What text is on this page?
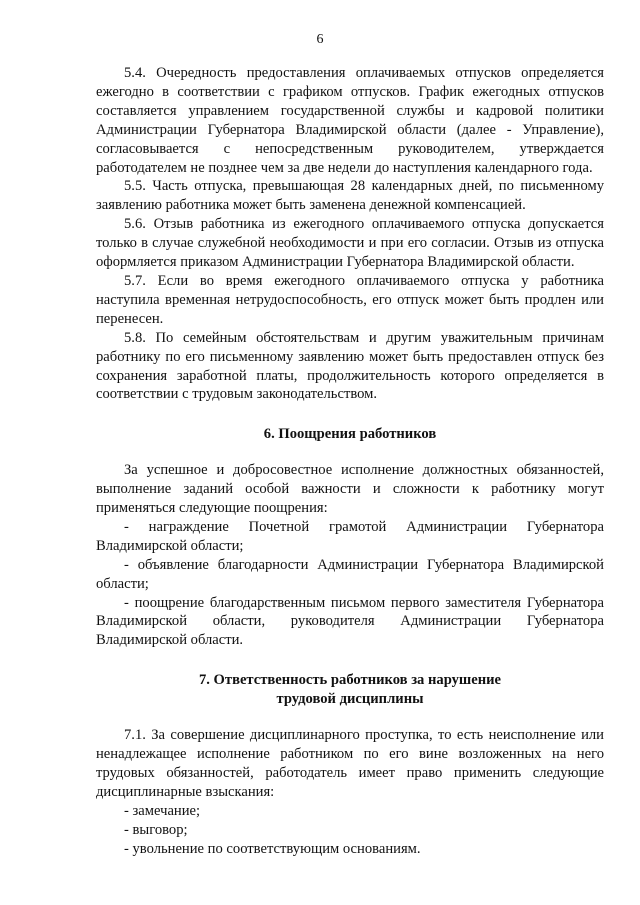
6

5.4. Очередность предоставления оплачиваемых отпусков определяется ежегодно в соответствии с графиком отпусков. График ежегодных отпусков составляется управлением государственной службы и кадровой политики Администрации Губернатора Владимирской области (далее - Управление), согласовывается с непосредственным руководителем, утверждается работодателем не позднее чем за две недели до наступления календарного года.

5.5. Часть отпуска, превышающая 28 календарных дней, по письменному заявлению работника может быть заменена денежной компенсацией.

5.6. Отзыв работника из ежегодного оплачиваемого отпуска допускается только в случае служебной необходимости и при его согласии. Отзыв из отпуска оформляется приказом Администрации Губернатора Владимирской области.

5.7. Если во время ежегодного оплачиваемого отпуска у работника наступила временная нетрудоспособность, его отпуск может быть продлен или перенесен.

5.8. По семейным обстоятельствам и другим уважительным причинам работнику по его письменному заявлению может быть предоставлен отпуск без сохранения заработной платы, продолжительность которого определяется в соответствии с трудовым законодательством.

6. Поощрения работников

За успешное и добросовестное исполнение должностных обязанностей, выполнение заданий особой важности и сложности к работнику могут применяться следующие поощрения:

- награждение Почетной грамотой Администрации Губернатора Владимирской области;

- объявление благодарности Администрации Губернатора Владимирской области;

- поощрение благодарственным письмом первого заместителя Губернатора Владимирской области, руководителя Администрации Губернатора Владимирской области.

7. Ответственность работников за нарушение

трудовой дисциплины

7.1. За совершение дисциплинарного проступка, то есть неисполнение или ненадлежащее исполнение работником по его вине возложенных на него трудовых обязанностей, работодатель имеет право применить следующие дисциплинарные взыскания:

- замечание;

- выговор;

- увольнение по соответствующим основаниям.
